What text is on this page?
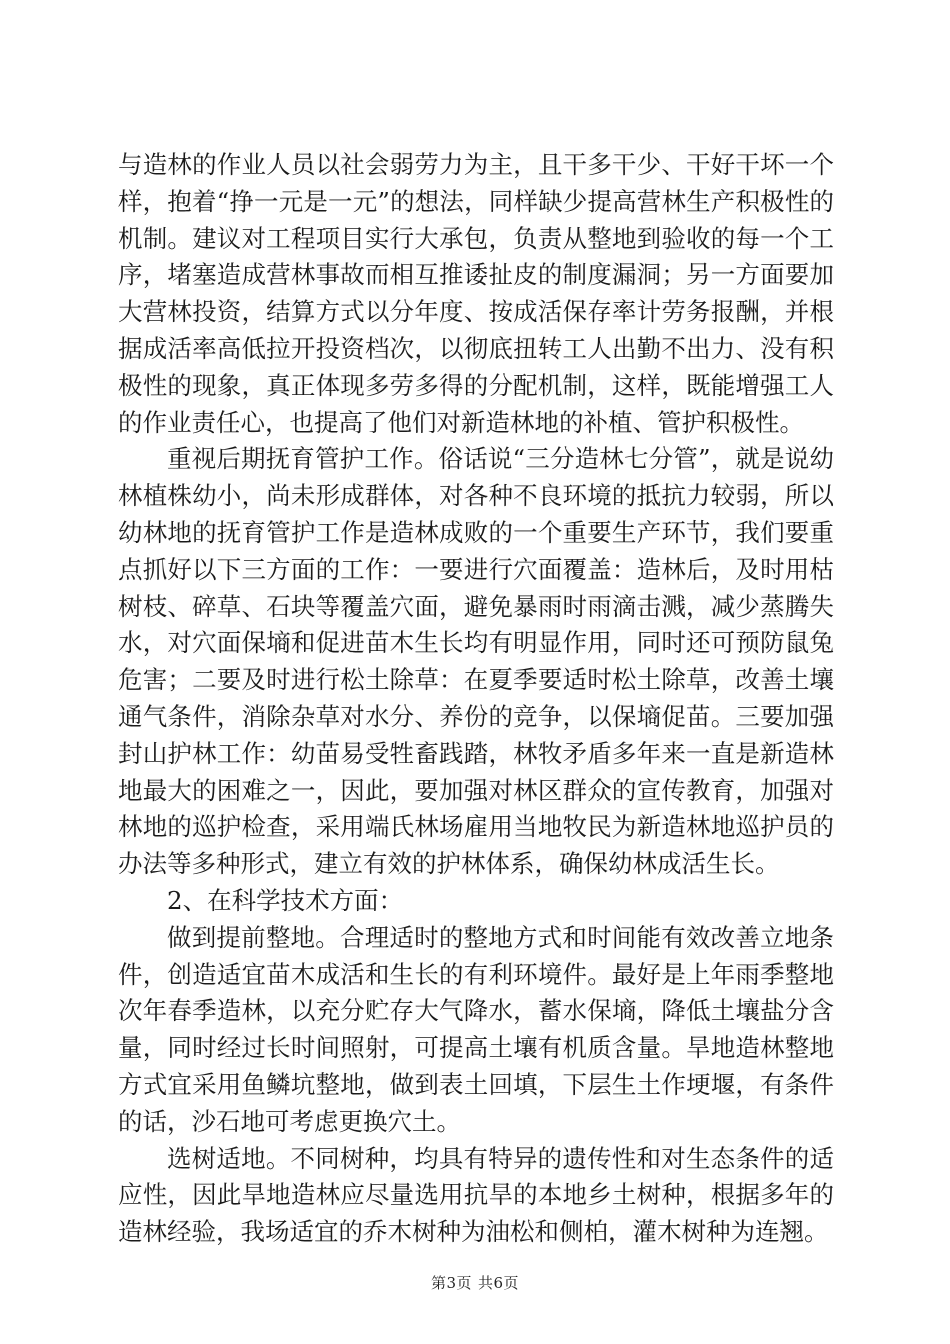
与造林的作业人员以社会弱劳力为主，且干多干少、干好干坏一个样，抱着“挣一元是一元”的想法，同样缺少提高营林生产积极性的机制。建议对工程项目实行大承包，负责从整地到验收的每一个工序，堵塞造成营林事故而相互推诿扯皮的制度漏洞；另一方面要加大营林投资，结算方式以分年度、按成活保存率计劳务报酬，并根据成活率高低拉开投资档次，以彻底扭转工人出勤不出力、没有积极性的现象，真正体现多劳多得的分配机制，这样，既能增强工人的作业责任心，也提高了他们对新造林地的补植、管护积极性。

重视后期抚育管护工作。俗话说“三分造林七分管”，就是说幼林植株幼小，尚未形成群体，对各种不良环境的抵抗力较弱，所以幼林地的抚育管护工作是造林成败的一个重要生产环节，我们要重点抓好以下三方面的工作：一要进行穴面覆盖：造林后，及时用枯树枝、碎草、石块等覆盖穴面，避免暴雨时雨滴击溅，减少蒸腾失水，对穴面保墒和促进苗木生长均有明显作用，同时还可预防鼠兔危害；二要及时进行松土除草：在夏季要适时松土除草，改善土壤通气条件，消除杂草对水分、养份的竞争，以保墒促苗。三要加强封山护林工作：幼苗易受牲畜践踏，林牧矛盾多年来一直是新造林地最大的困难之一，因此，要加强对林区群众的宣传教育，加强对林地的巡护检查，采用端氏林场雇用当地牧民为新造林地巡护员的办法等多种形式，建立有效的护林体系，确保幼林成活生长。

2、在科学技术方面：

做到提前整地。合理适时的整地方式和时间能有效改善立地条件，创造适宜苗木成活和生长的有利环境件。最好是上年雨季整地次年春季造林，以充分贮存大气降水，蓄水保墒，降低土壤盐分含量，同时经过长时间照射，可提高土壤有机质含量。旱地造林整地方式宜采用鱼鳞坑整地，做到表土回填，下层生土作埂堰，有条件的话，沙石地可考虑更换穴土。

选树适地。不同树种，均具有特异的遗传性和对生态条件的适应性，因此旱地造林应尽量选用抗旱的本地乡土树种，根据多年的造林经验，我场适宜的乔木树种为油松和侧柏，灌木树种为连翘。

第3页 共6页
